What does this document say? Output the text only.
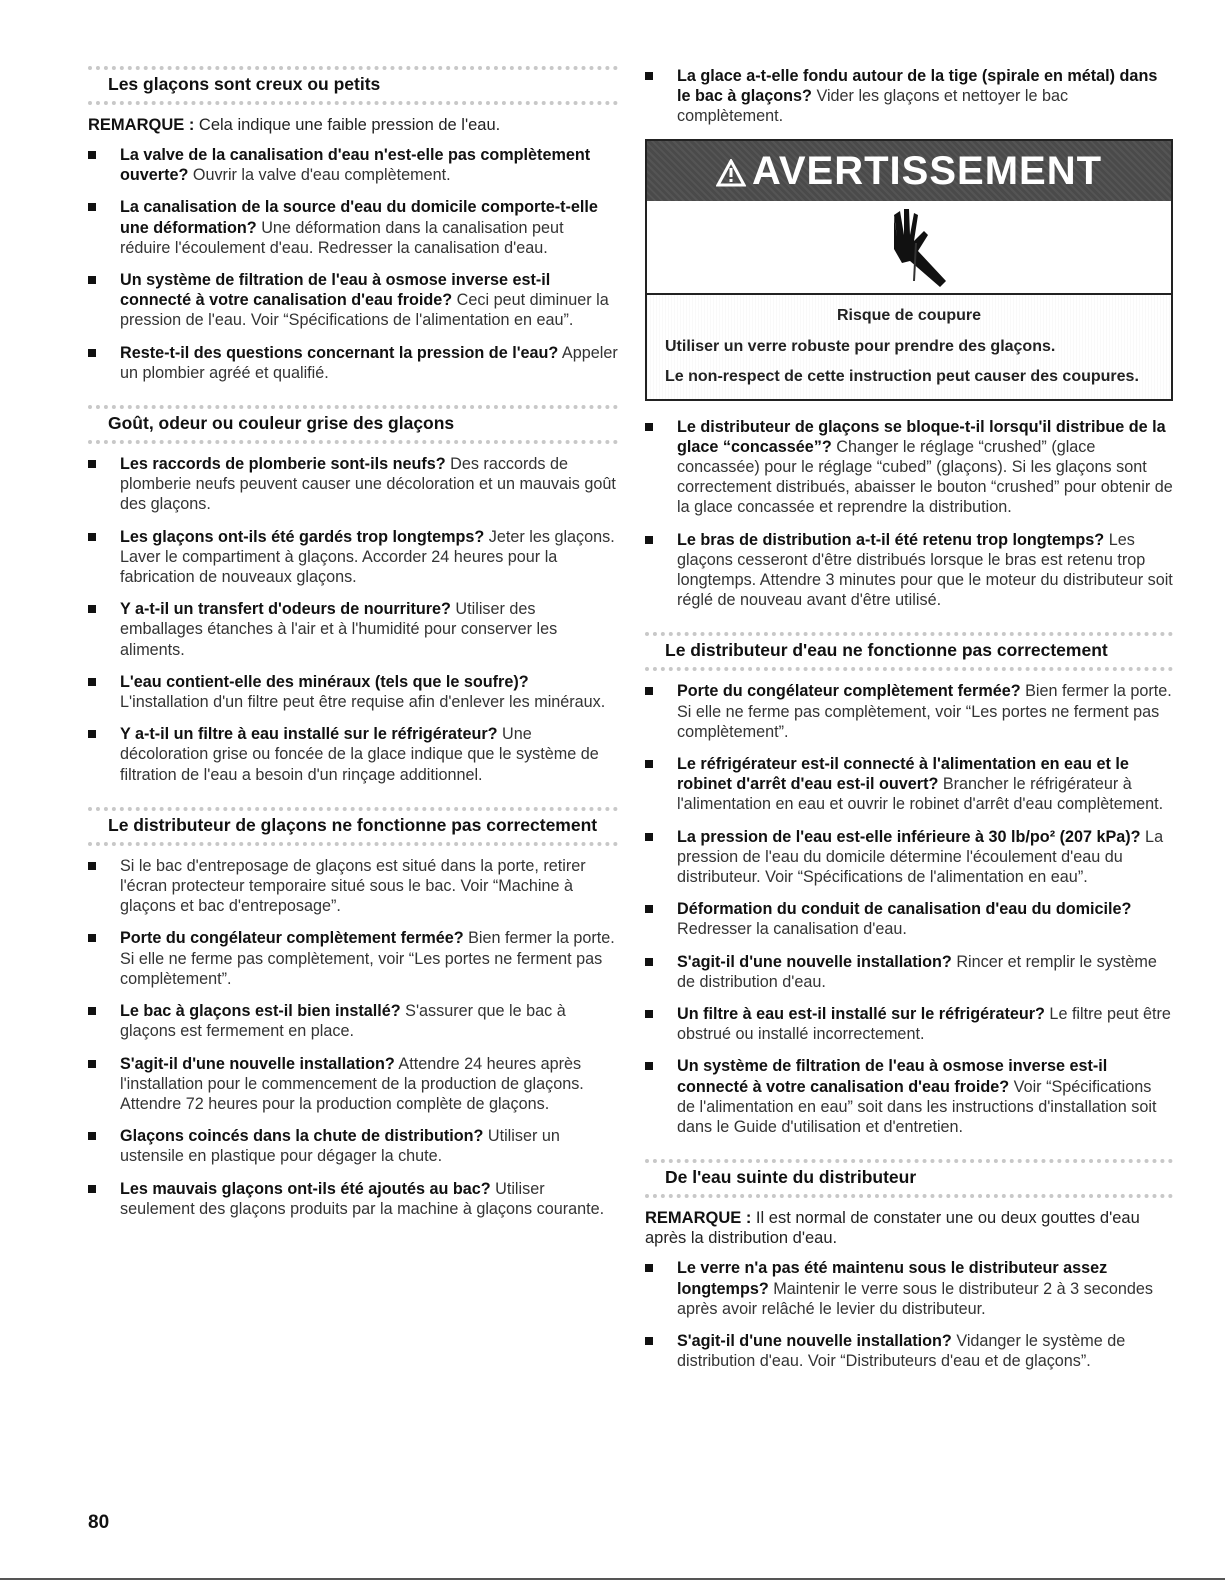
Les glaçons sont creux ou petits

REMARQUE : Cela indique une faible pression de l'eau.

La valve de la canalisation d'eau n'est-elle pas complètement ouverte? Ouvrir la valve d'eau complètement.
La canalisation de la source d'eau du domicile comporte-t-elle une déformation? Une déformation dans la canalisation peut réduire l'écoulement d'eau. Redresser la canalisation d'eau.
Un système de filtration de l'eau à osmose inverse est-il connecté à votre canalisation d'eau froide? Ceci peut diminuer la pression de l'eau. Voir “Spécifications de l'alimentation en eau”.
Reste-t-il des questions concernant la pression de l'eau? Appeler un plombier agréé et qualifié.
Goût, odeur ou couleur grise des glaçons
Les raccords de plomberie sont-ils neufs? Des raccords de plomberie neufs peuvent causer une décoloration et un mauvais goût des glaçons.
Les glaçons ont-ils été gardés trop longtemps? Jeter les glaçons. Laver le compartiment à glaçons. Accorder 24 heures pour la fabrication de nouveaux glaçons.
Y a-t-il un transfert d'odeurs de nourriture? Utiliser des emballages étanches à l'air et à l'humidité pour conserver les aliments.
L'eau contient-elle des minéraux (tels que le soufre)? L'installation d'un filtre peut être requise afin d'enlever les minéraux.
Y a-t-il un filtre à eau installé sur le réfrigérateur? Une décoloration grise ou foncée de la glace indique que le système de filtration de l'eau a besoin d'un rinçage additionnel.
Le distributeur de glaçons ne fonctionne pas correctement
Si le bac d'entreposage de glaçons est situé dans la porte, retirer l'écran protecteur temporaire situé sous le bac. Voir “Machine à glaçons et bac d'entreposage”.
Porte du congélateur complètement fermée? Bien fermer la porte. Si elle ne ferme pas complètement, voir “Les portes ne ferment pas complètement”.
Le bac à glaçons est-il bien installé? S'assurer que le bac à glaçons est fermement en place.
S'agit-il d'une nouvelle installation? Attendre 24 heures après l'installation pour le commencement de la production de glaçons. Attendre 72 heures pour la production complète de glaçons.
Glaçons coincés dans la chute de distribution? Utiliser un ustensile en plastique pour dégager la chute.
Les mauvais glaçons ont-ils été ajoutés au bac? Utiliser seulement des glaçons produits par la machine à glaçons courante.
La glace a-t-elle fondu autour de la tige (spirale en métal) dans le bac à glaçons? Vider les glaçons et nettoyer le bac complètement.
AVERTISSEMENT
Risque de coupure

Utiliser un verre robuste pour prendre des glaçons.

Le non-respect de cette instruction peut causer des coupures.

Le distributeur de glaçons se bloque-t-il lorsqu'il distribue de la glace “concassée”? Changer le réglage “crushed” (glace concassée) pour le réglage “cubed” (glaçons). Si les glaçons sont correctement distribués, abaisser le bouton “crushed” pour obtenir de la glace concassée et reprendre la distribution.
Le bras de distribution a-t-il été retenu trop longtemps? Les glaçons cesseront d'être distribués lorsque le bras est retenu trop longtemps. Attendre 3 minutes pour que le moteur du distributeur soit réglé de nouveau avant d'être utilisé.
Le distributeur d'eau ne fonctionne pas correctement
Porte du congélateur complètement fermée? Bien fermer la porte. Si elle ne ferme pas complètement, voir “Les portes ne ferment pas complètement”.
Le réfrigérateur est-il connecté à l'alimentation en eau et le robinet d'arrêt d'eau est-il ouvert? Brancher le réfrigérateur à l'alimentation en eau et ouvrir le robinet d'arrêt d'eau complètement.
La pression de l'eau est-elle inférieure à 30 lb/po² (207 kPa)? La pression de l'eau du domicile détermine l'écoulement d'eau du distributeur. Voir “Spécifications de l'alimentation en eau”.
Déformation du conduit de canalisation d'eau du domicile? Redresser la canalisation d'eau.
S'agit-il d'une nouvelle installation? Rincer et remplir le système de distribution d'eau.
Un filtre à eau est-il installé sur le réfrigérateur? Le filtre peut être obstrué ou installé incorrectement.
Un système de filtration de l'eau à osmose inverse est-il connecté à votre canalisation d'eau froide? Voir “Spécifications de l'alimentation en eau” soit dans les instructions d'installation soit dans le Guide d'utilisation et d'entretien.
De l'eau suinte du distributeur

REMARQUE : Il est normal de constater une ou deux gouttes d'eau après la distribution d'eau.

Le verre n'a pas été maintenu sous le distributeur assez longtemps? Maintenir le verre sous le distributeur 2 à 3 secondes après avoir relâché le levier du distributeur.
S'agit-il d'une nouvelle installation? Vidanger le système de distribution d'eau. Voir “Distributeurs d'eau et de glaçons”.
80
